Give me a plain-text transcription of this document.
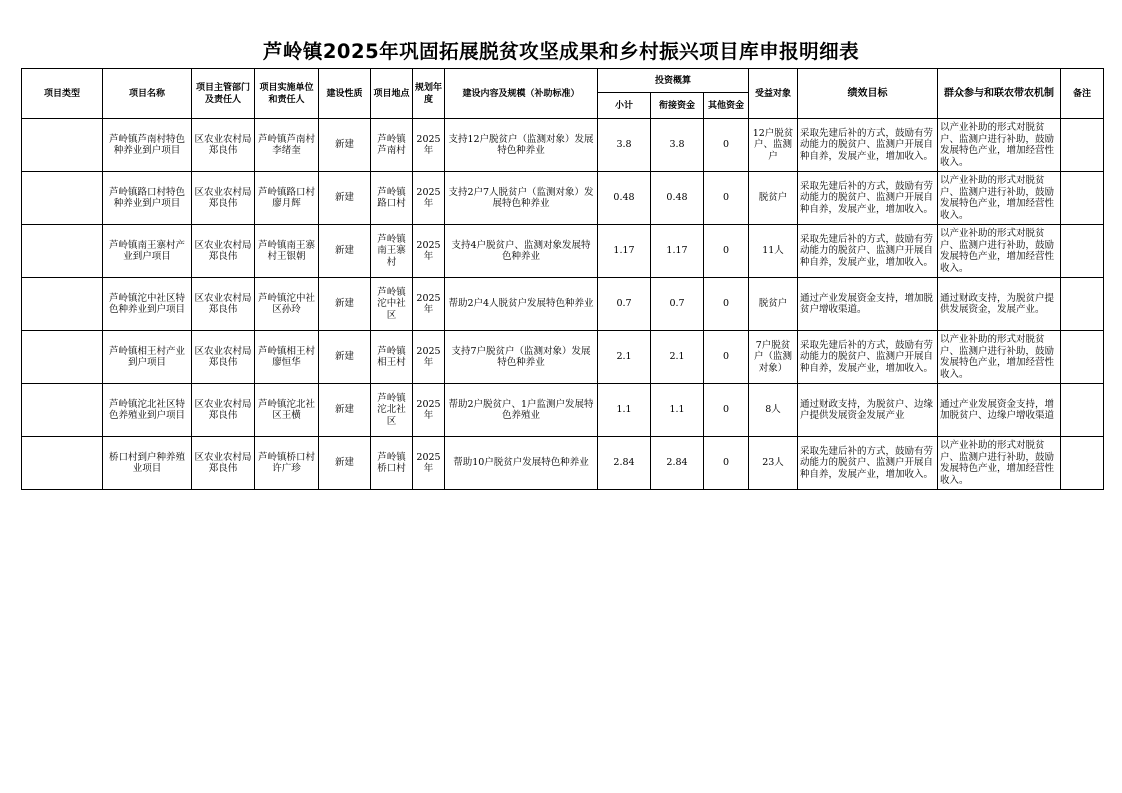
芦岭镇2025年巩固拓展脱贫攻坚成果和乡村振兴项目库申报明细表
项目类型	项目名称	项目主管部门及责任人	项目实施单位和责任人	建设性质	项目地点	规划年度	建设内容及规模（补助标准）	投资概算			受益对象	绩效目标	群众参与和联农带农机制	备注
								小计	衔接资金	其他资金				
	芦岭镇芦南村特色种养业到户项目	区农业农村局郑良伟	芦岭镇芦南村李绪奎	新建	芦岭镇芦南村	2025年	支持12户脱贫户（监测对象）发展特色种养业	3.8	3.8	0	12户脱贫户、监测户	采取先建后补的方式，鼓励有劳动能力的脱贫户、监测户开展自种自养，发展产业，增加收入。	以产业补助的形式对脱贫户、监测户进行补助，鼓励发展特色产业，增加经营性收入。	
	芦岭镇路口村特色种养业到户项目	区农业农村局郑良伟	芦岭镇路口村 廖月辉	新建	芦岭镇路口村	2025年	支持2户7人脱贫户（监测对象）发展特色种养业	0.48	0.48	0	脱贫户	采取先建后补的方式，鼓励有劳动能力的脱贫户、监测户开展自种自养，发展产业，增加收入。	以产业补助的形式对脱贫户、监测户进行补助，鼓励发展特色产业，增加经营性收入。	
	芦岭镇南王寨村产业到户项目	区农业农村局郑良伟	芦岭镇南王寨村王银朝	新建	芦岭镇南王寨村	2025年	支持4户脱贫户、监测对象发展特色种养业	1.17	1.17	0	11人	采取先建后补的方式，鼓励有劳动能力的脱贫户、监测户开展自种自养，发展产业，增加收入。	以产业补助的形式对脱贫户、监测户进行补助，鼓励发展特色产业，增加经营性收入。	
	芦岭镇沱中社区特色种养业到户项目	区农业农村局郑良伟	芦岭镇沱中社区孙玲	新建	芦岭镇沱中社区	2025年	帮助2户4人脱贫户发展特色种养业	0.7	0.7	0	脱贫户	通过产业发展资金支持，增加脱贫户增收渠道。	通过财政支持，为脱贫户提供发展资金，发展产业。	
	芦岭镇相王村产业到户项目	区农业农村局郑良伟	芦岭镇相王村廖恒华	新建	芦岭镇相王村	2025年	支持7户脱贫户（监测对象）发展特色种养业	2.1	2.1	0	7户脱贫户（监测对象）	采取先建后补的方式，鼓励有劳动能力的脱贫户、监测户开展自种自养，发展产业，增加收入。	以产业补助的形式对脱贫户、监测户进行补助，鼓励发展特色产业，增加经营性收入。	
	芦岭镇沱北社区特色养殖业到户项目	区农业农村局郑良伟	芦岭镇沱北社区王横	新建	芦岭镇沱北社区	2025年	帮助2户脱贫户、1户监测户发展特色养殖业	1.1	1.1	0	8人	通过财政支持，为脱贫户、边缘户提供发展资金发展产业	通过产业发展资金支持，增加脱贫户、边缘户增收渠道	
	桥口村到户种养殖业项目	区农业农村局郑良伟	芦岭镇桥口村许广珍	新建	芦岭镇桥口村	2025年	帮助10户脱贫户发展特色种养业	2.84	2.84	0	23人	采取先建后补的方式，鼓励有劳动能力的脱贫户、监测户开展自种自养，发展产业，增加收入。	以产业补助的形式对脱贫户、监测户进行补助，鼓励发展特色产业，增加经营性收入。	
